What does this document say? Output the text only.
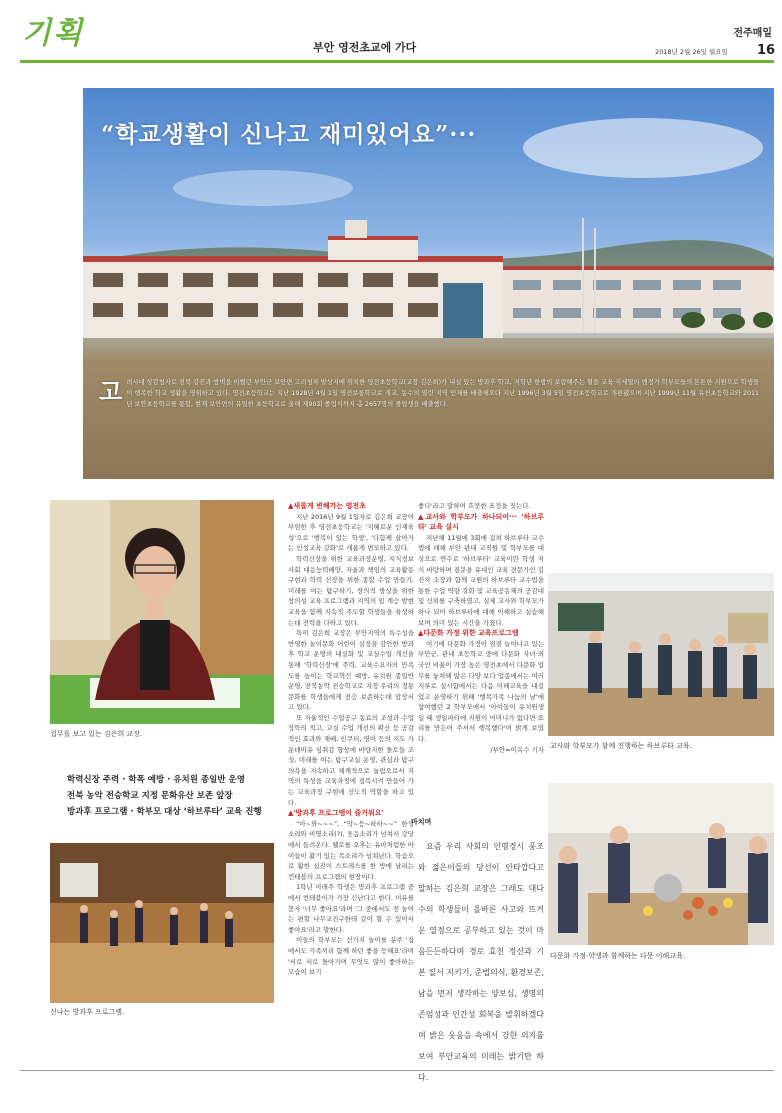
기획	부안 영전초교에 가다
전주매일
2018년 2월 26일 월요일 16
“학교생활이 신나고 재미있어요”···
고 려시대 상감청자로 전북 강진과 쌍벽을 이뤘던 부안군 보안면 고려청자 발상지에 위치한 영전초등학교(교장 김은희)가 내실 있는 방과후 학교, 저학년 한발의 보람해주는 혈을 교육·지세열의 엔정가 학부모들의 튼튼한 지원으로 학생들이 행복한 학교 생활을 영위하고 있다. 영전초등학교는 지난 1928년 4월 1일 영전보통학교로 개교, 동수의 열린 지역 인재를 배출해오다 지난 1996년 3월 5일 영전초등학교로 개편됐으며 지난 1999년 11월 유천초등학교와 2011년 보안초등학교를 통합, 현재 보안면의 유일한 초등학교로 올해 제90회 졸업식까지 총 2657명의 졸업생을 배출했다.
집무를 보고 있는 김은희 교장.
학력신장 주력 · 학폭 예방 · 유치원 종일반 운영
전북 농악 전승학교 지정 문화유산 보존 앞장
방과후 프로그램 · 학부모 대상 ‘하브루타’ 교육 진행
신나는 방과후 프로그램.

▲새롭게 변해가는 영전초

지난 2016년 9월 1일자로 김은희 교장이 부임한 후 영전초등학교는 '지혜로운 인재육성'으로 '행복이 있는 학생', '다함께 살아가는 인성교육 강화'로 새롭게 변모하고 있다.

학력신장을 위한 교육과정운영, 지식정보사회 대응능력배양, 자율과 책임의 교육활동 구현과 학력 신장을 위한 종합 수업 만들기, 미래를 여는 탐구하기, 창의적 방상을 위한 창의성 교육 프로그램과 지역의 일 계승 발현 교육을 함께 지속적 주도할 학생들을 육성하는데 전력을 다하고 있다.

특히 김은희 교장은 부안지역의 특수성을 반영한 놀이문화 어린이 실정을 감안한 방과후 학교 운영의 내실화 및 교실수업 개선을 통해 '학력신장'에 주력, 교육수요자의 만족도를 높이는 학교혁신 예방, 유치원 종일반 운영, 전북농악 전승학교로 지정 우리의 정통문화를 학생들에게 전승 보존하는데 앞장서고 있다.

또 자율적인 수업공구 동료의 조성과 수업장학의 적고, 교실 수업 개선의 확산 등 공감적인 효과와 재배, 인쿠터, 영어 등의 지도 가운데이유 심취감 향상에 바탕지한 돌토들 조성, 미래를 여는 탐구교실 운영, 관심과 탐구 의욕을 지속하고 체계적으로 놀림으로서 지역의 특성을 교육과정에 접목시켜 만들어 가는 교육과정 구현에 선도적 역할을 하고 있다.

▲'방과후 프로그램이 즐거워요'

“아~와~~~”, “악~등~하하~~” 한성소리와 비명소리(?), 웃음소리가 넘쳐서 강당에서 들려온다. 웰로를 오후는 유아처럼한 아이들이 활기 있는 목소리가 넘쳐난다. 학습으로 활한 십진이 스트레스를 한 방에 날리는 컨테블의 프로그램의 현장이다.

1학년 아래주 학생은 방과후 프로그램 중에서 컨테블이가 가장 신난다고 한다. 이유를 묻자 '너무 좋아요'라며 '그 중에서도 전 놀이는 편할 나무교진구한테 같이 할 수 있어서 좋아요'라고 말한다.

이들의 학부모는 선가지 놀이를 분주 '집에서도 가족끼리 함께 하던 좋을 듯해요'라며 '서로 서로 돌아가며 무엇도 많이 좋아하는 모습이 보기

좋다'라고 말하며 흐뭇한 표정을 짓는다.

▲교사와 학부모가 하나되어··· '하브루타' 교육 실시

지난해 11월에 3회에 걸쳐 하브루타 교수법에 대해 부안 관내 교직원 및 학부모를 대상으로 연수로 '하브루타' 교육이란 학생 지식 바탕하며 질문을 유대인 교육 전문가인 김진자 소장과 함께 교원의 하브루타 교수법을 통한 수업 역량 강화 및 교육공동체의 공감대 및 신뢰를 구축하였고, 실제 교사와 학부모가 하나 되어 하브루타에 대해 이해하고 실습해보며 의미 있는 시간을 가졌다.

▲다문화 가정 위한 교육프로그램

여기에 다문화 가정이 점점 늘어나고 있는 부안군, 관내 초등학교 중에 다문화 자녀·외국인 비율이 가장 높은 영전초에서 다문화 업무를 놓쳐해 많은 다양 보다 업종에서는 여러 지루로 실시함에서는 다음 이해교육을 내걸었고 운영하기 위해 '행복가족 나눔의 날'에 참여했던 2 학부모에서 '아이들이 유치원생일 때 생일파티에 지원이 어머니가 없다면 요리를 만든어 주셔서 행복했다'며 밝게 보였다.

/부안=이옥수 기자

마치며

요즘 우리 사회의 인명경시 풍조와 젊은이들의 당선이 안타깝다고 말하는 김은희 교장은 그래도 대다수의 학생들이 올바른 사고와 뜨거운 열정으로 공부하고 있는 것이 마음든든하다며 경로 효친 정신과 기본 질서 지키기, 준법의식, 환경보존, 남을 먼저 생각하는 양보심, 생명의 존엄성과 인간성 회복을 발휘하겠다며 밝은 웃음을 속에서 강한 의지를 보여 부안교육의 미래는 밝기만 하다.

교사와 학부모가 함께 진행하는 하브루타 교육.
다문화 가정·학생과 함께하는 다문 이해교육.
